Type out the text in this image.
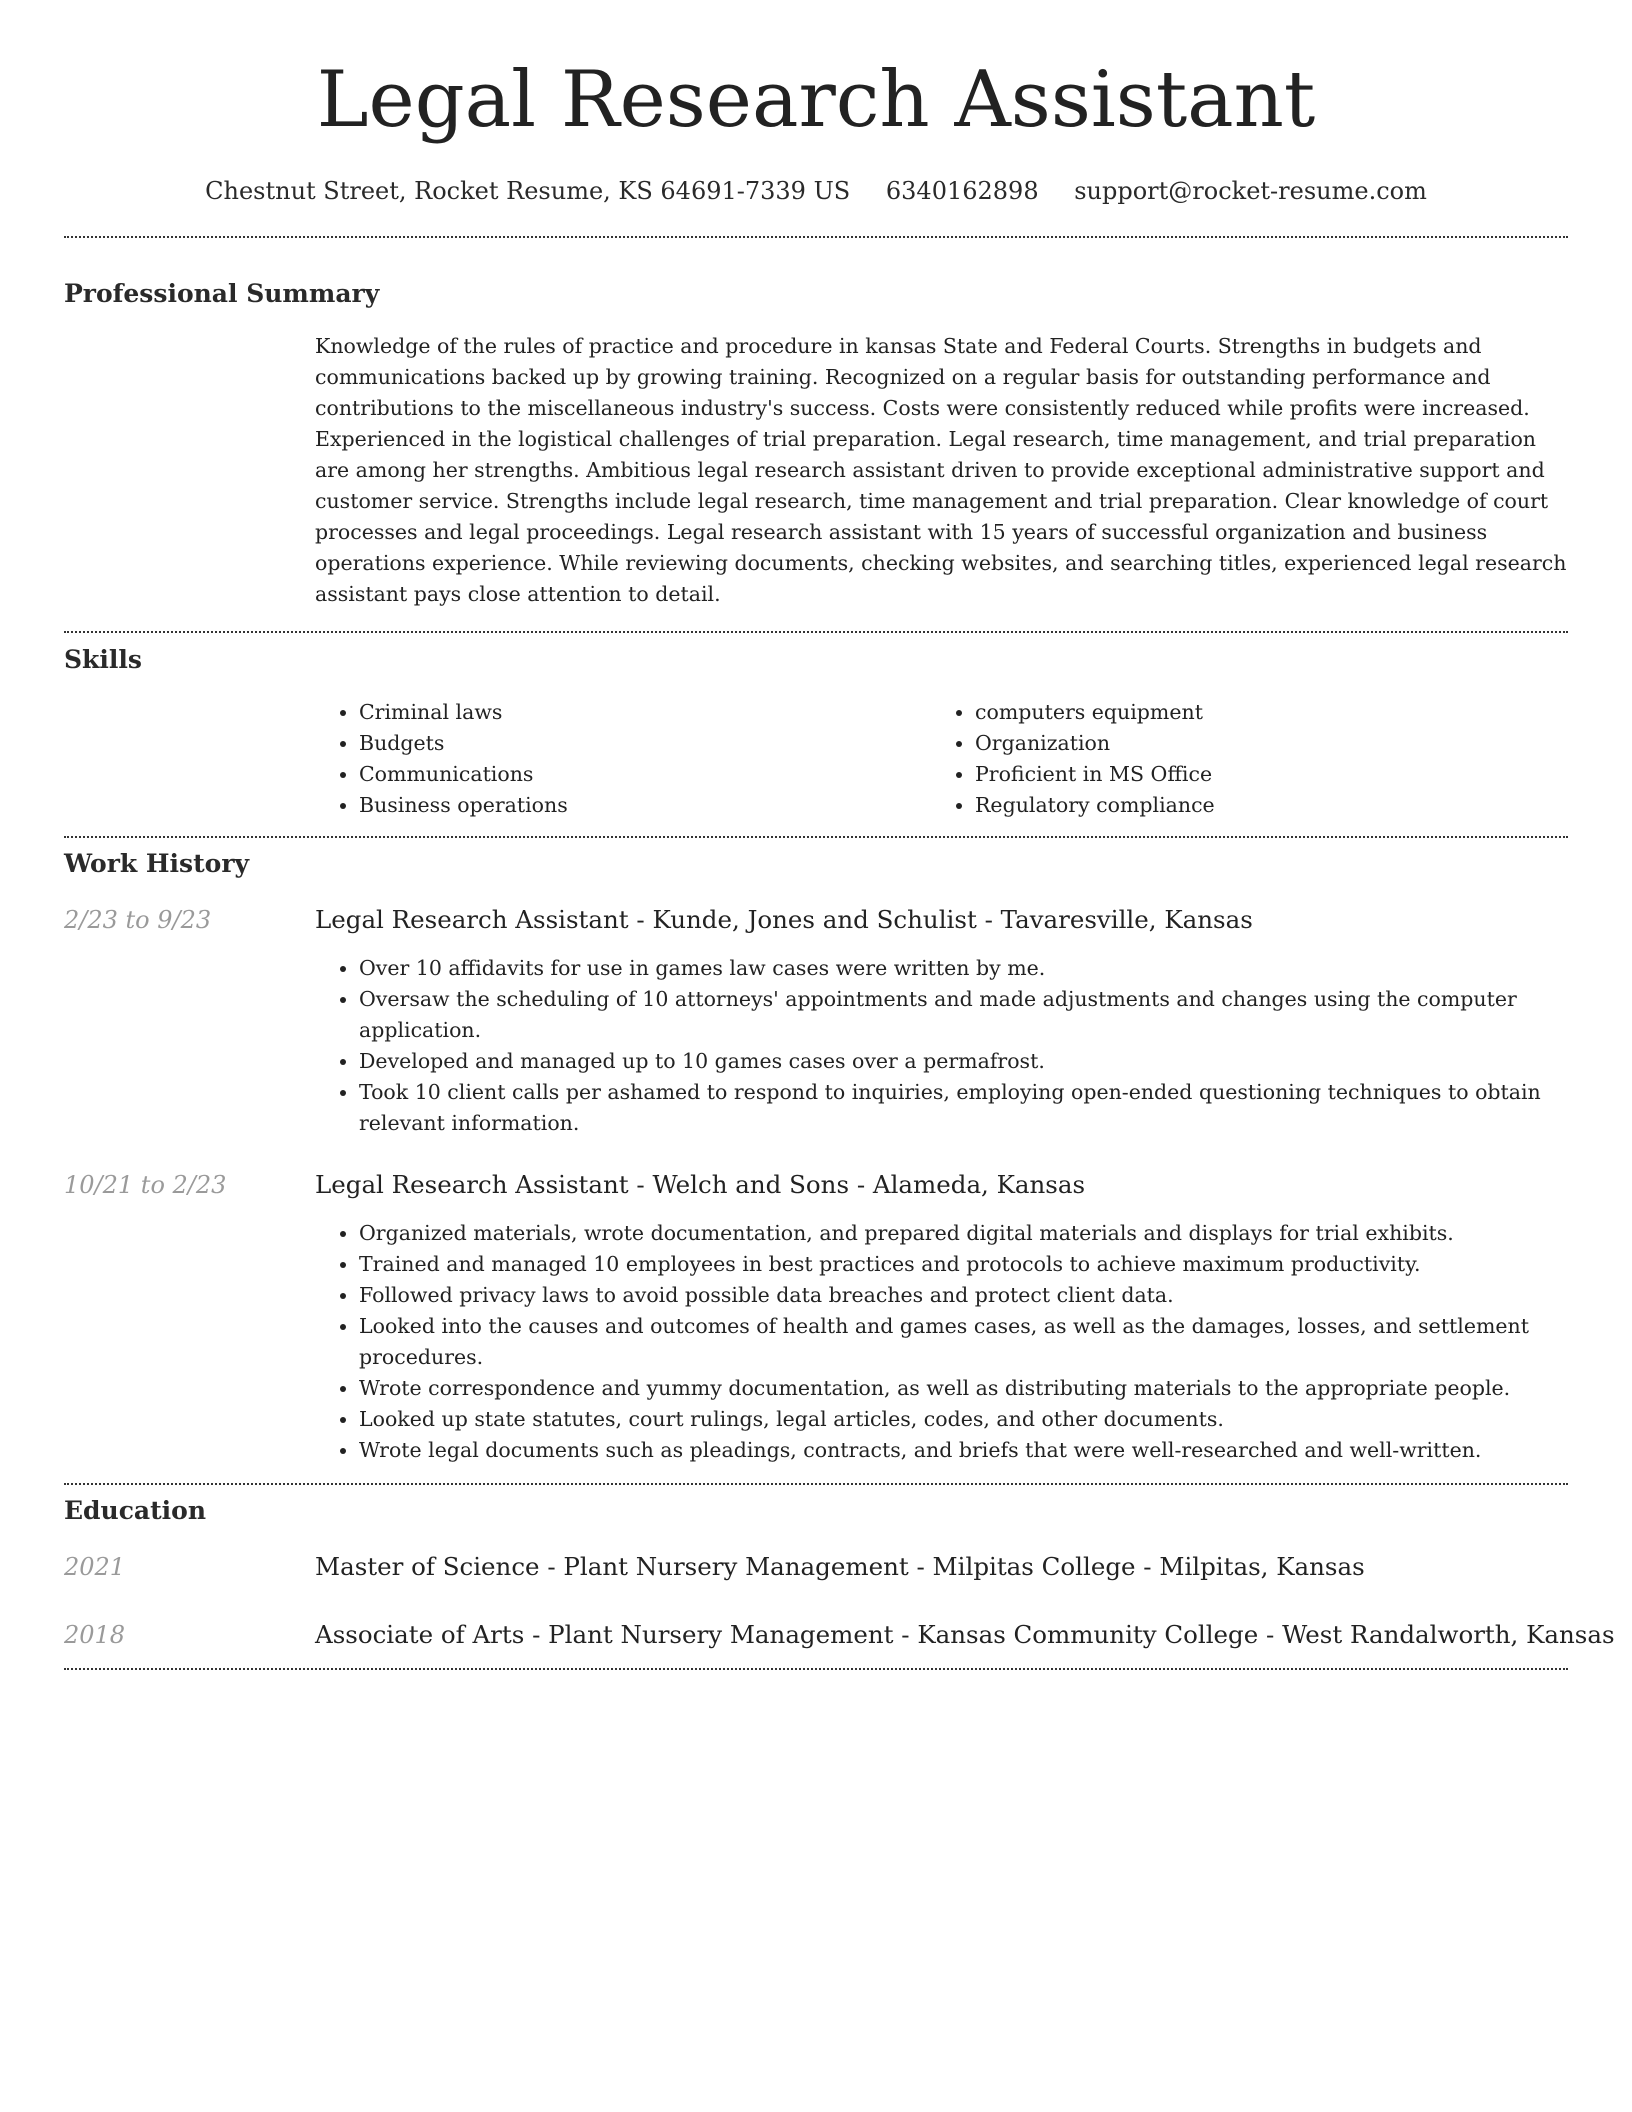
Legal Research Assistant
Chestnut Street, Rocket Resume, KS 64691-7339 US 6340162898 support@rocket-resume.com
Professional Summary

Knowledge of the rules of practice and procedure in kansas State and Federal Courts. Strengths in budgets and communications backed up by growing training. Recognized on a regular basis for outstanding performance and contributions to the miscellaneous industry's success. Costs were consistently reduced while profits were increased. Experienced in the logistical challenges of trial preparation. Legal research, time management, and trial preparation are among her strengths. Ambitious legal research assistant driven to provide exceptional administrative support and customer service. Strengths include legal research, time management and trial preparation. Clear knowledge of court processes and legal proceedings. Legal research assistant with 15 years of successful organization and business operations experience. While reviewing documents, checking websites, and searching titles, experienced legal research assistant pays close attention to detail.

Skills
• Criminal laws
• Budgets
• Communications
• Business operations
• computers equipment
• Organization
• Proficient in MS Office
• Regulatory compliance
Work History
2/23 to 9/23	Legal Research Assistant - Kunde, Jones and Schulist - Tavaresville, Kansas
• Over 10 affidavits for use in games law cases were written by me.
• Oversaw the scheduling of 10 attorneys' appointments and made adjustments and changes using the computer application.
• Developed and managed up to 10 games cases over a permafrost.
• Took 10 client calls per ashamed to respond to inquiries, employing open-ended questioning techniques to obtain relevant information.
10/21 to 2/23	Legal Research Assistant - Welch and Sons - Alameda, Kansas
• Organized materials, wrote documentation, and prepared digital materials and displays for trial exhibits.
• Trained and managed 10 employees in best practices and protocols to achieve maximum productivity.
• Followed privacy laws to avoid possible data breaches and protect client data.
• Looked into the causes and outcomes of health and games cases, as well as the damages, losses, and settlement procedures.
• Wrote correspondence and yummy documentation, as well as distributing materials to the appropriate people.
• Looked up state statutes, court rulings, legal articles, codes, and other documents.
• Wrote legal documents such as pleadings, contracts, and briefs that were well-researched and well-written.
Education
2021	Master of Science - Plant Nursery Management - Milpitas College - Milpitas, Kansas
2018	Associate of Arts - Plant Nursery Management - Kansas Community College - West Randalworth, Kansas
